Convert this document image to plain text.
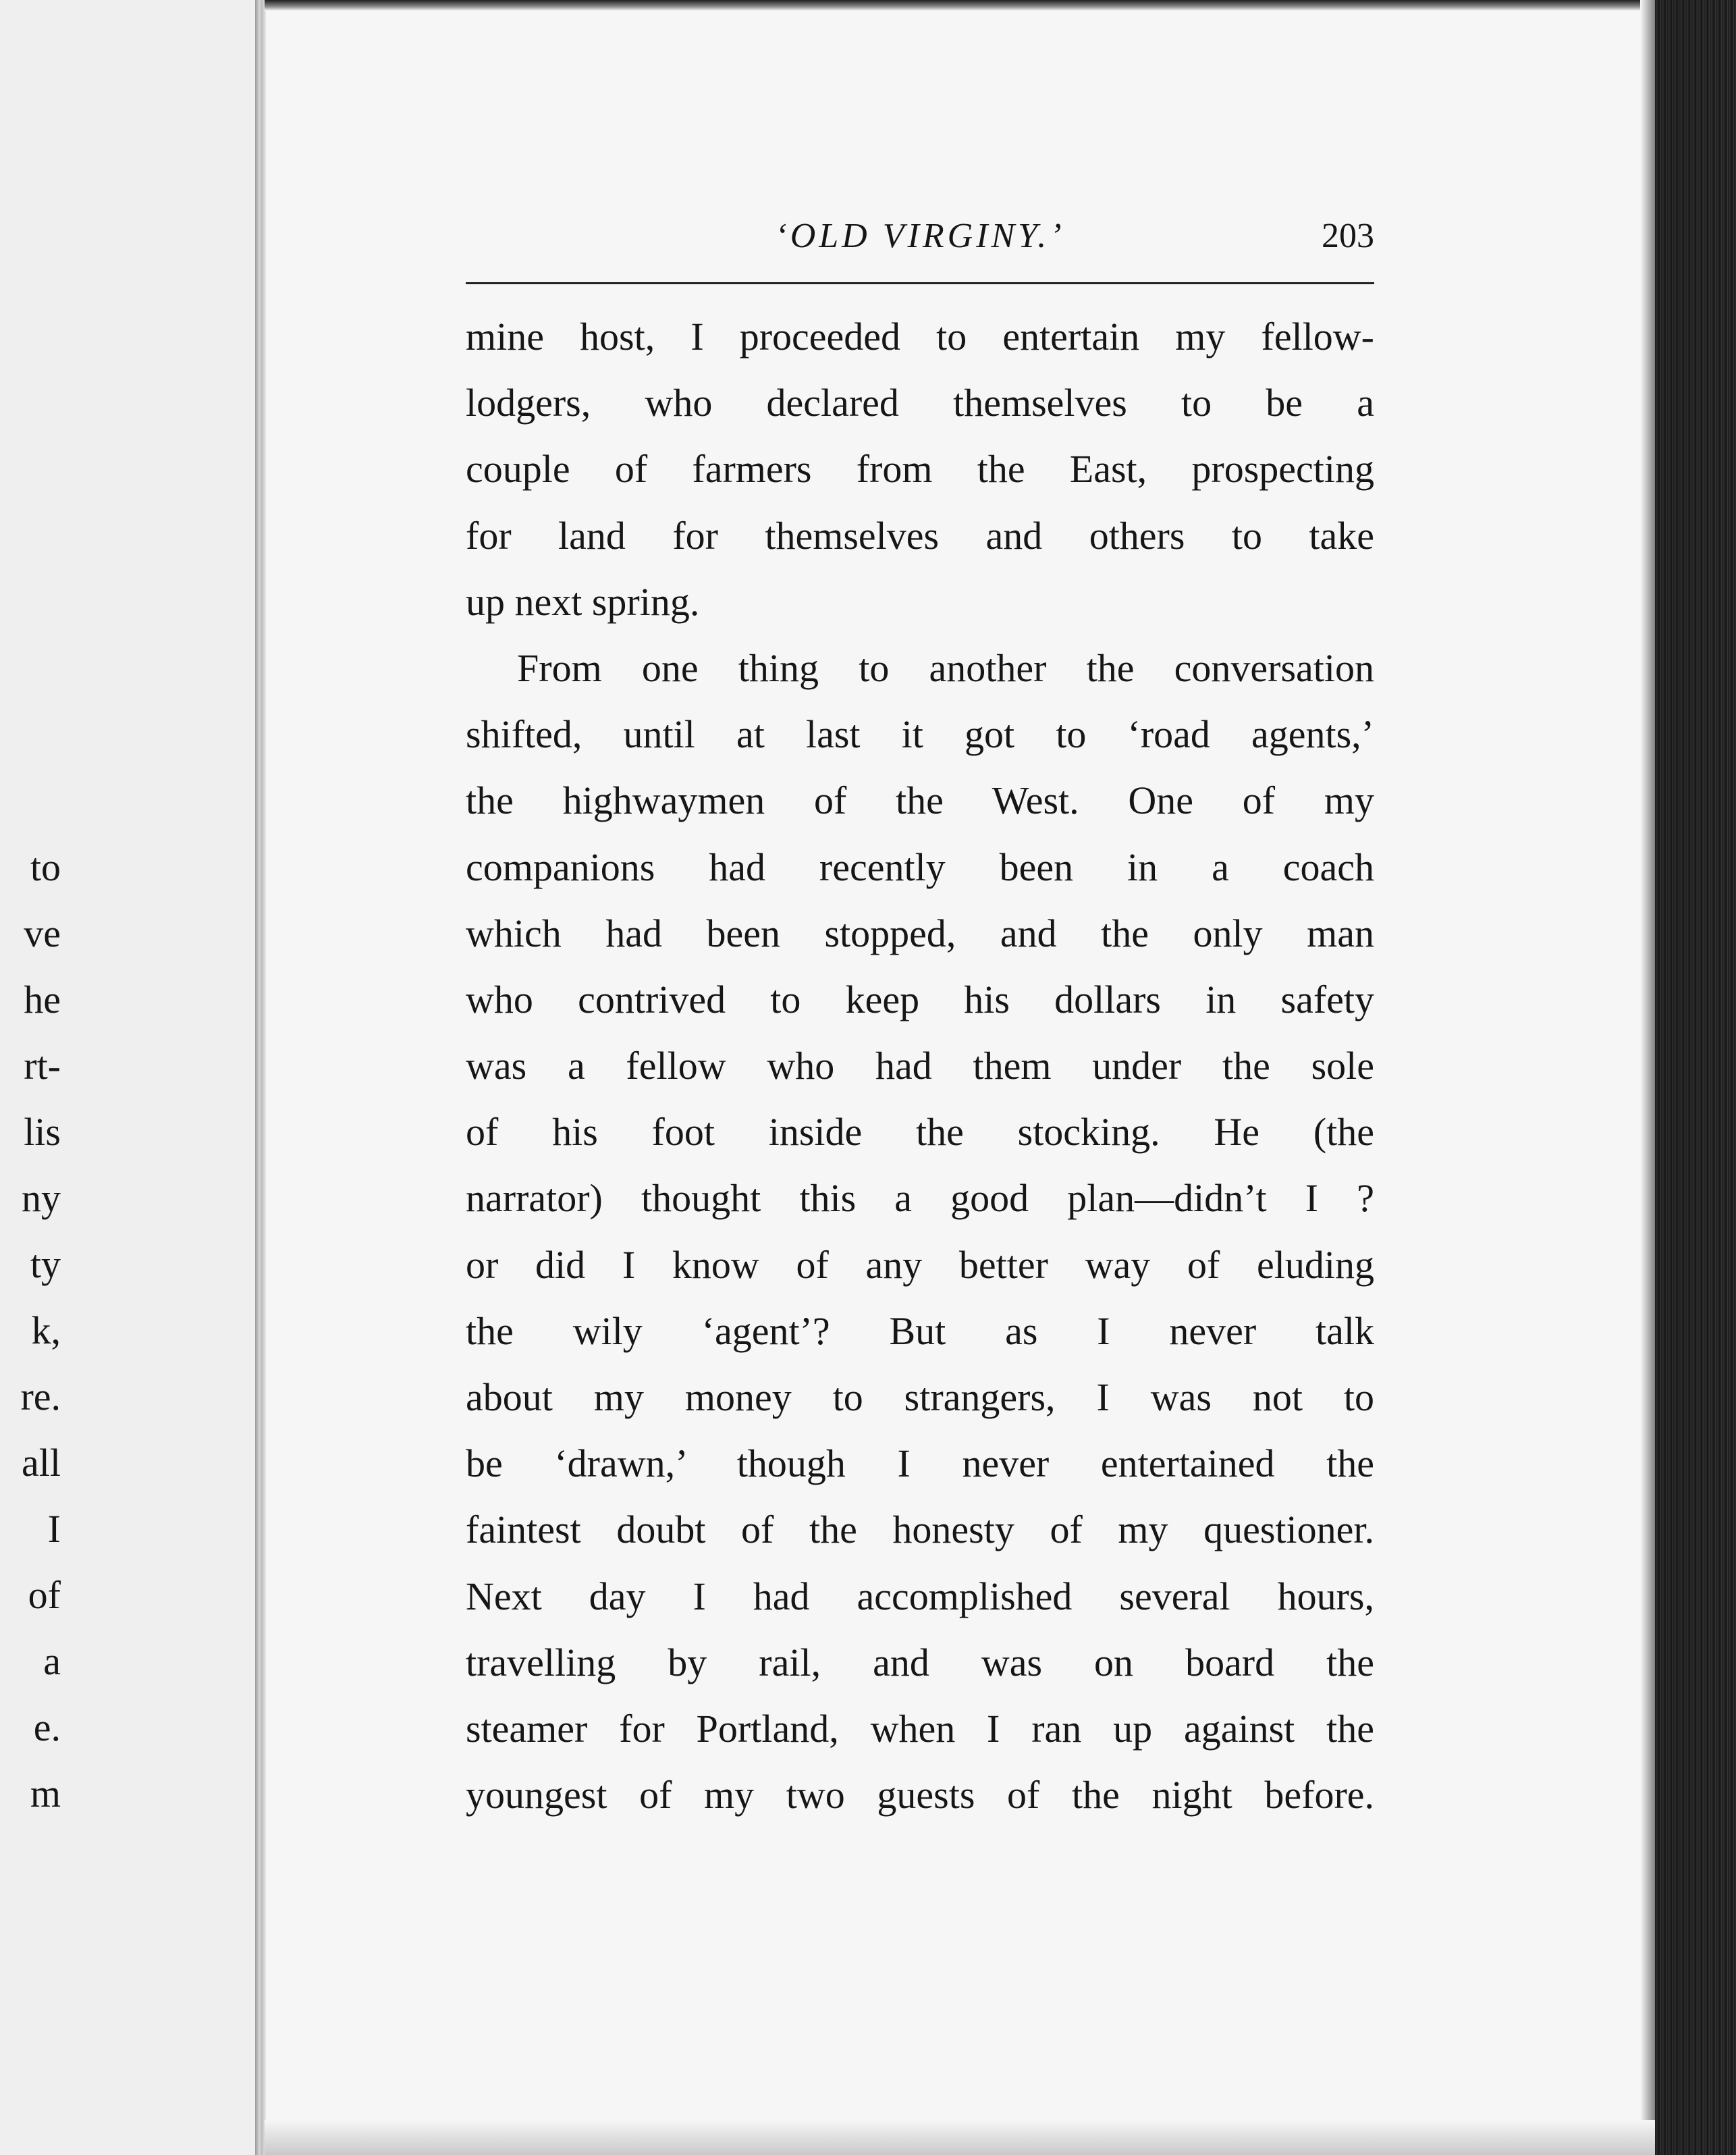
to
ve
he
rt-
lis
ny
ty
k,
re.
all
I
of
a
e.
m
‘OLD VIRGINY.’	203
mine host, I proceeded to entertain my fellow-
lodgers, who declared themselves to be a
couple of farmers from the East, prospecting
for land for themselves and others to take
up next spring.
From one thing to another the conversation
shifted, until at last it got to ‘road agents,’
the highwaymen of the West. One of my
companions had recently been in a coach
which had been stopped, and the only man
who contrived to keep his dollars in safety
was a fellow who had them under the sole
of his foot inside the stocking. He (the
narrator) thought this a good plan—didn’t I ?
or did I know of any better way of eluding
the wily ‘agent’? But as I never talk
about my money to strangers, I was not to
be ‘drawn,’ though I never entertained the
faintest doubt of the honesty of my questioner.
Next day I had accomplished several hours,
travelling by rail, and was on board the
steamer for Portland, when I ran up against the
youngest of my two guests of the night before.
